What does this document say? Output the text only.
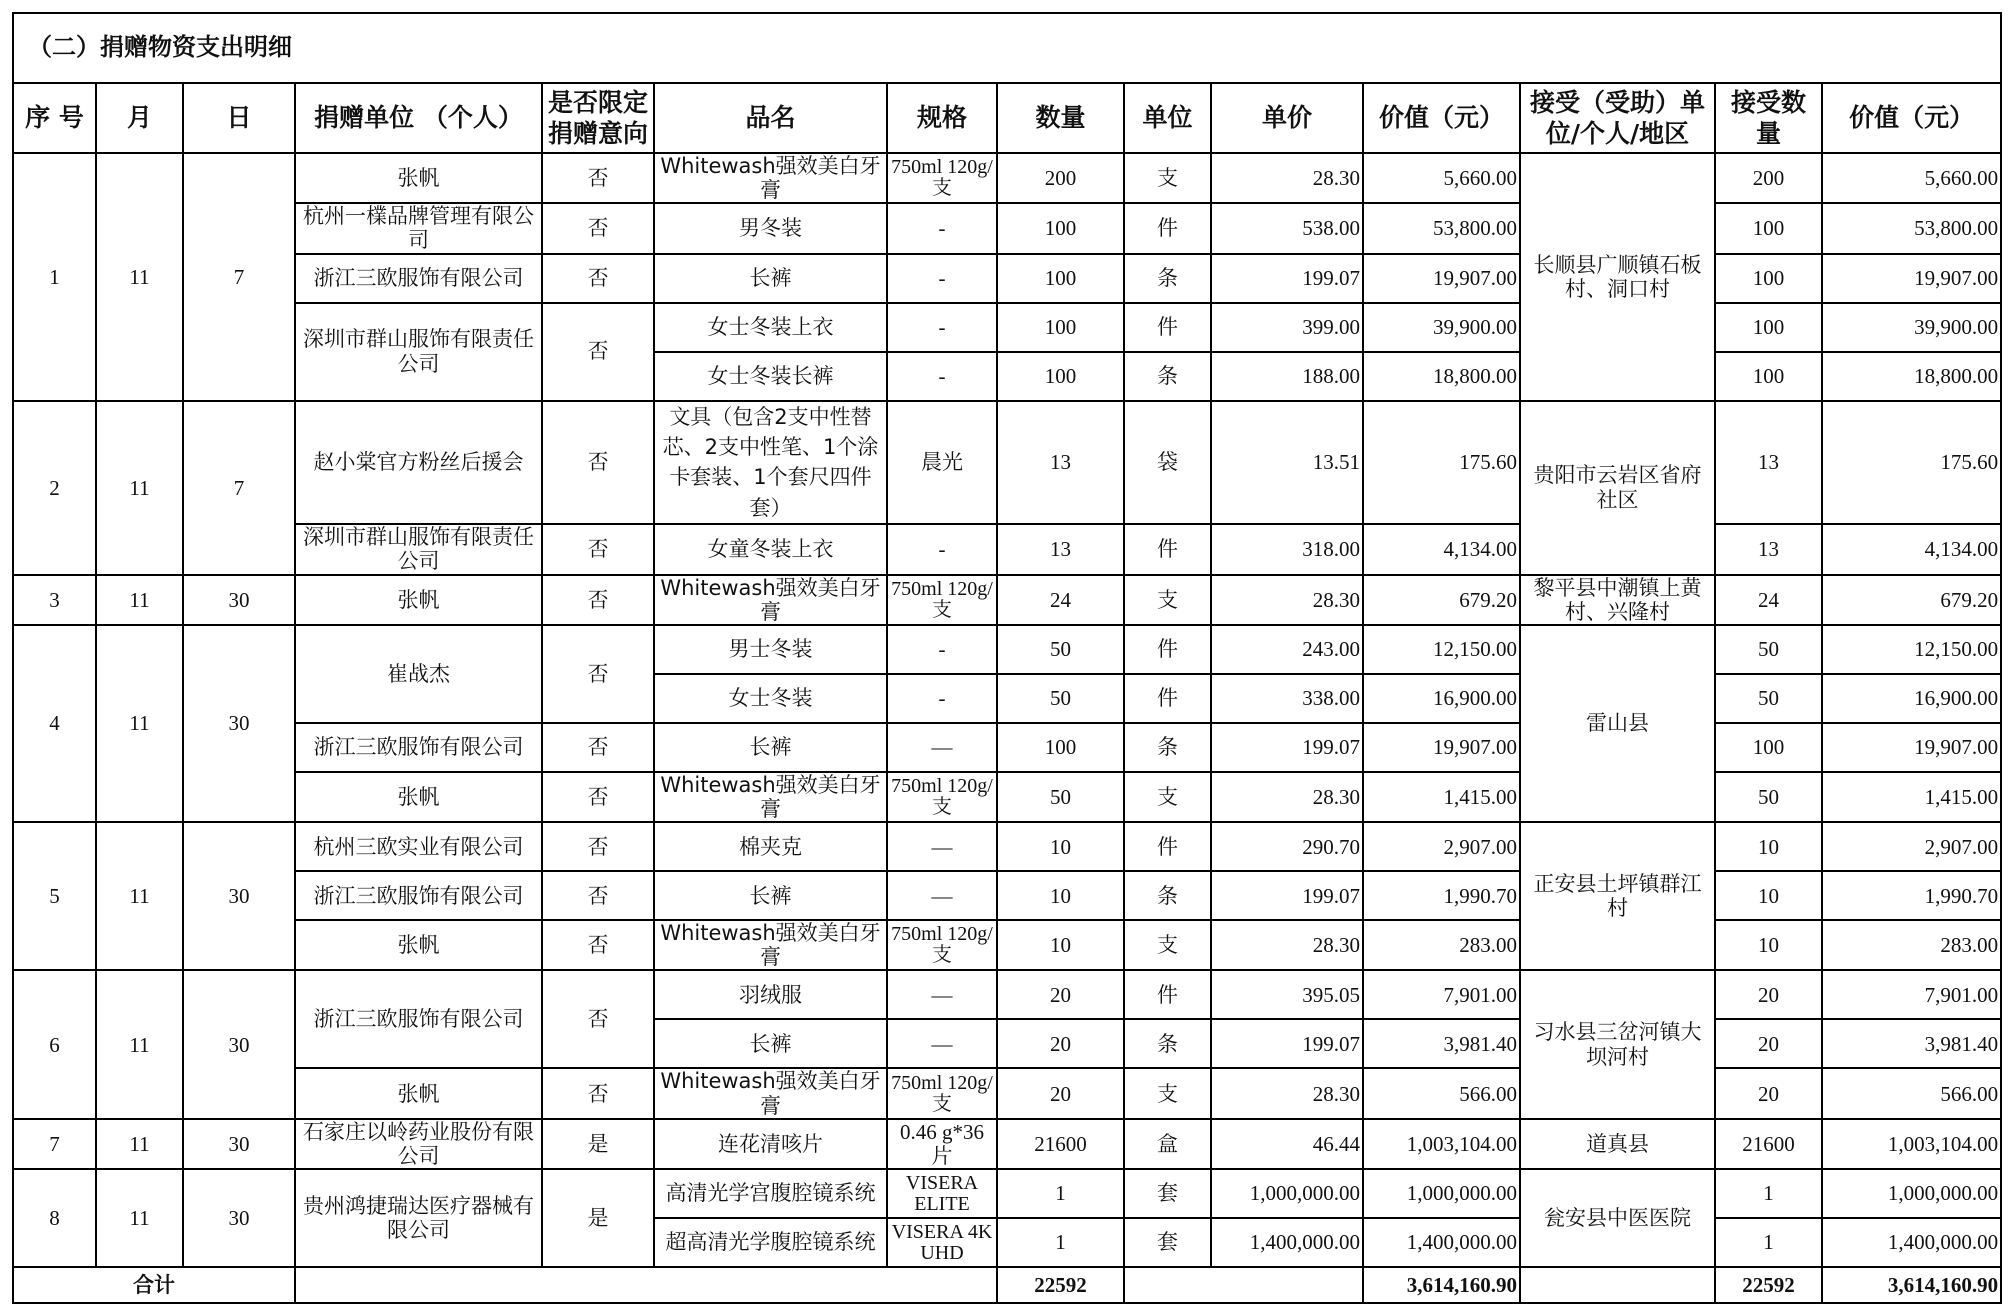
（二）捐赠物资支出明细													
序 号	月	日	捐赠单位 （个人）	是否限定捐赠意向	品名	规格	数量	单位	单价	价值（元）	接受（受助）单位/个人/地区	接受数量	价值（元）
1	11	7	张帆	否	Whitewash强效美白牙膏	750ml 120g/支	200	支	28.30	5,660.00	长顺县广顺镇石板村、洞口村	200	5,660.00
			杭州一檏品牌管理有限公司	否	男冬装	-	100	件	538.00	53,800.00		100	53,800.00
			浙江三欧服饰有限公司	否	长裤	-	100	条	199.07	19,907.00		100	19,907.00
			深圳市群山服饰有限责任公司	否	女士冬装上衣	-	100	件	399.00	39,900.00		100	39,900.00
					女士冬装长裤	-	100	条	188.00	18,800.00		100	18,800.00
2	11	7	赵小棠官方粉丝后援会	否	文具（包含2支中性替芯、2支中性笔、1个涂卡套装、1个套尺四件套）	晨光	13	袋	13.51	175.60	贵阳市云岩区省府社区	13	175.60
			深圳市群山服饰有限责任公司	否	女童冬装上衣	-	13	件	318.00	4,134.00		13	4,134.00
3	11	30	张帆	否	Whitewash强效美白牙膏	750ml 120g/支	24	支	28.30	679.20	黎平县中潮镇上黄村、兴隆村	24	679.20
4	11	30	崔战杰	否	男士冬装	-	50	件	243.00	12,150.00	雷山县	50	12,150.00
					女士冬装	-	50	件	338.00	16,900.00		50	16,900.00
			浙江三欧服饰有限公司	否	长裤	—	100	条	199.07	19,907.00		100	19,907.00
			张帆	否	Whitewash强效美白牙膏	750ml 120g/支	50	支	28.30	1,415.00		50	1,415.00
5	11	30	杭州三欧实业有限公司	否	棉夹克	—	10	件	290.70	2,907.00	正安县土坪镇群江村	10	2,907.00
			浙江三欧服饰有限公司	否	长裤	—	10	条	199.07	1,990.70		10	1,990.70
			张帆	否	Whitewash强效美白牙膏	750ml 120g/支	10	支	28.30	283.00		10	283.00
6	11	30	浙江三欧服饰有限公司	否	羽绒服	—	20	件	395.05	7,901.00	习水县三岔河镇大坝河村	20	7,901.00
					长裤	—	20	条	199.07	3,981.40		20	3,981.40
			张帆	否	Whitewash强效美白牙膏	750ml 120g/支	20	支	28.30	566.00		20	566.00
7	11	30	石家庄以岭药业股份有限公司	是	连花清咳片	0.46 g*36片	21600	盒	46.44	1,003,104.00	道真县	21600	1,003,104.00
8	11	30	贵州鸿捷瑞达医疗器械有限公司	是	高清光学宫腹腔镜系统	VISERA ELITE	1	套	1,000,000.00	1,000,000.00	瓮安县中医医院	1	1,000,000.00
					超高清光学腹腔镜系统	VISERA 4K UHD	1	套	1,400,000.00	1,400,000.00		1	1,400,000.00
合计							22592			3,614,160.90		22592	3,614,160.90
